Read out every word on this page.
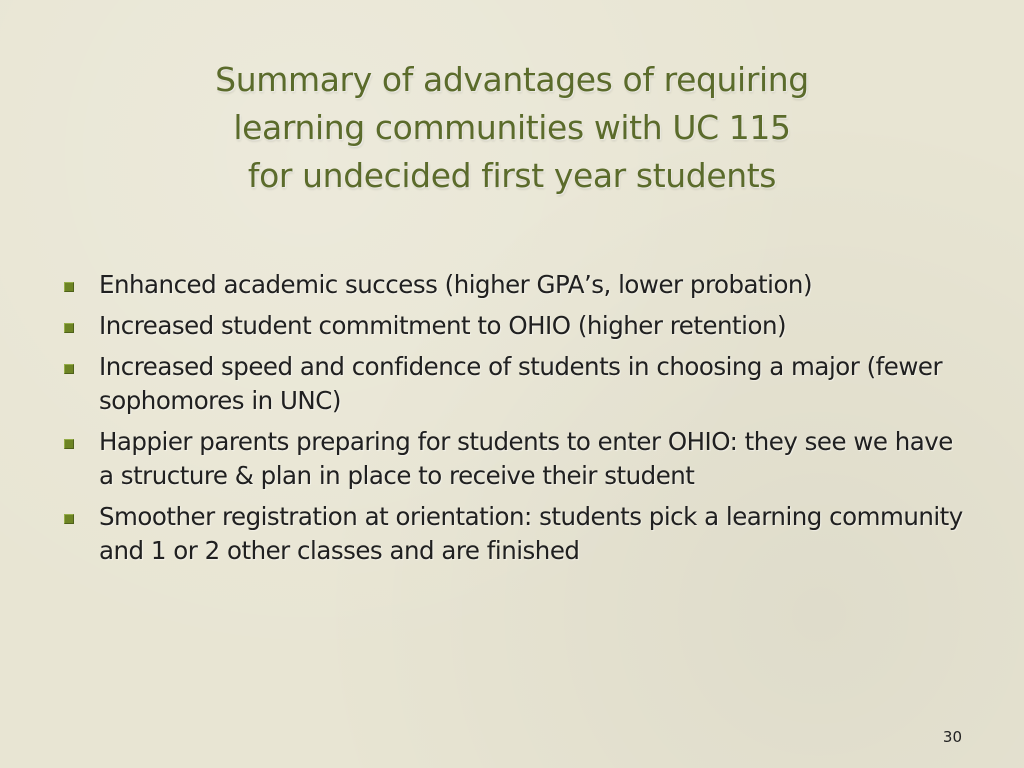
Summary of advantages of requiring
learning communities with UC 115
for undecided first year students
Enhanced academic success (higher GPA’s, lower probation)
Increased student commitment to OHIO (higher retention)
Increased speed and confidence of students in choosing a major (fewer sophomores in UNC)
Happier parents preparing for students to enter OHIO: they see we have a structure & plan in place to receive their student
Smoother registration at orientation: students pick a learning community and 1 or 2 other classes and are finished
30
